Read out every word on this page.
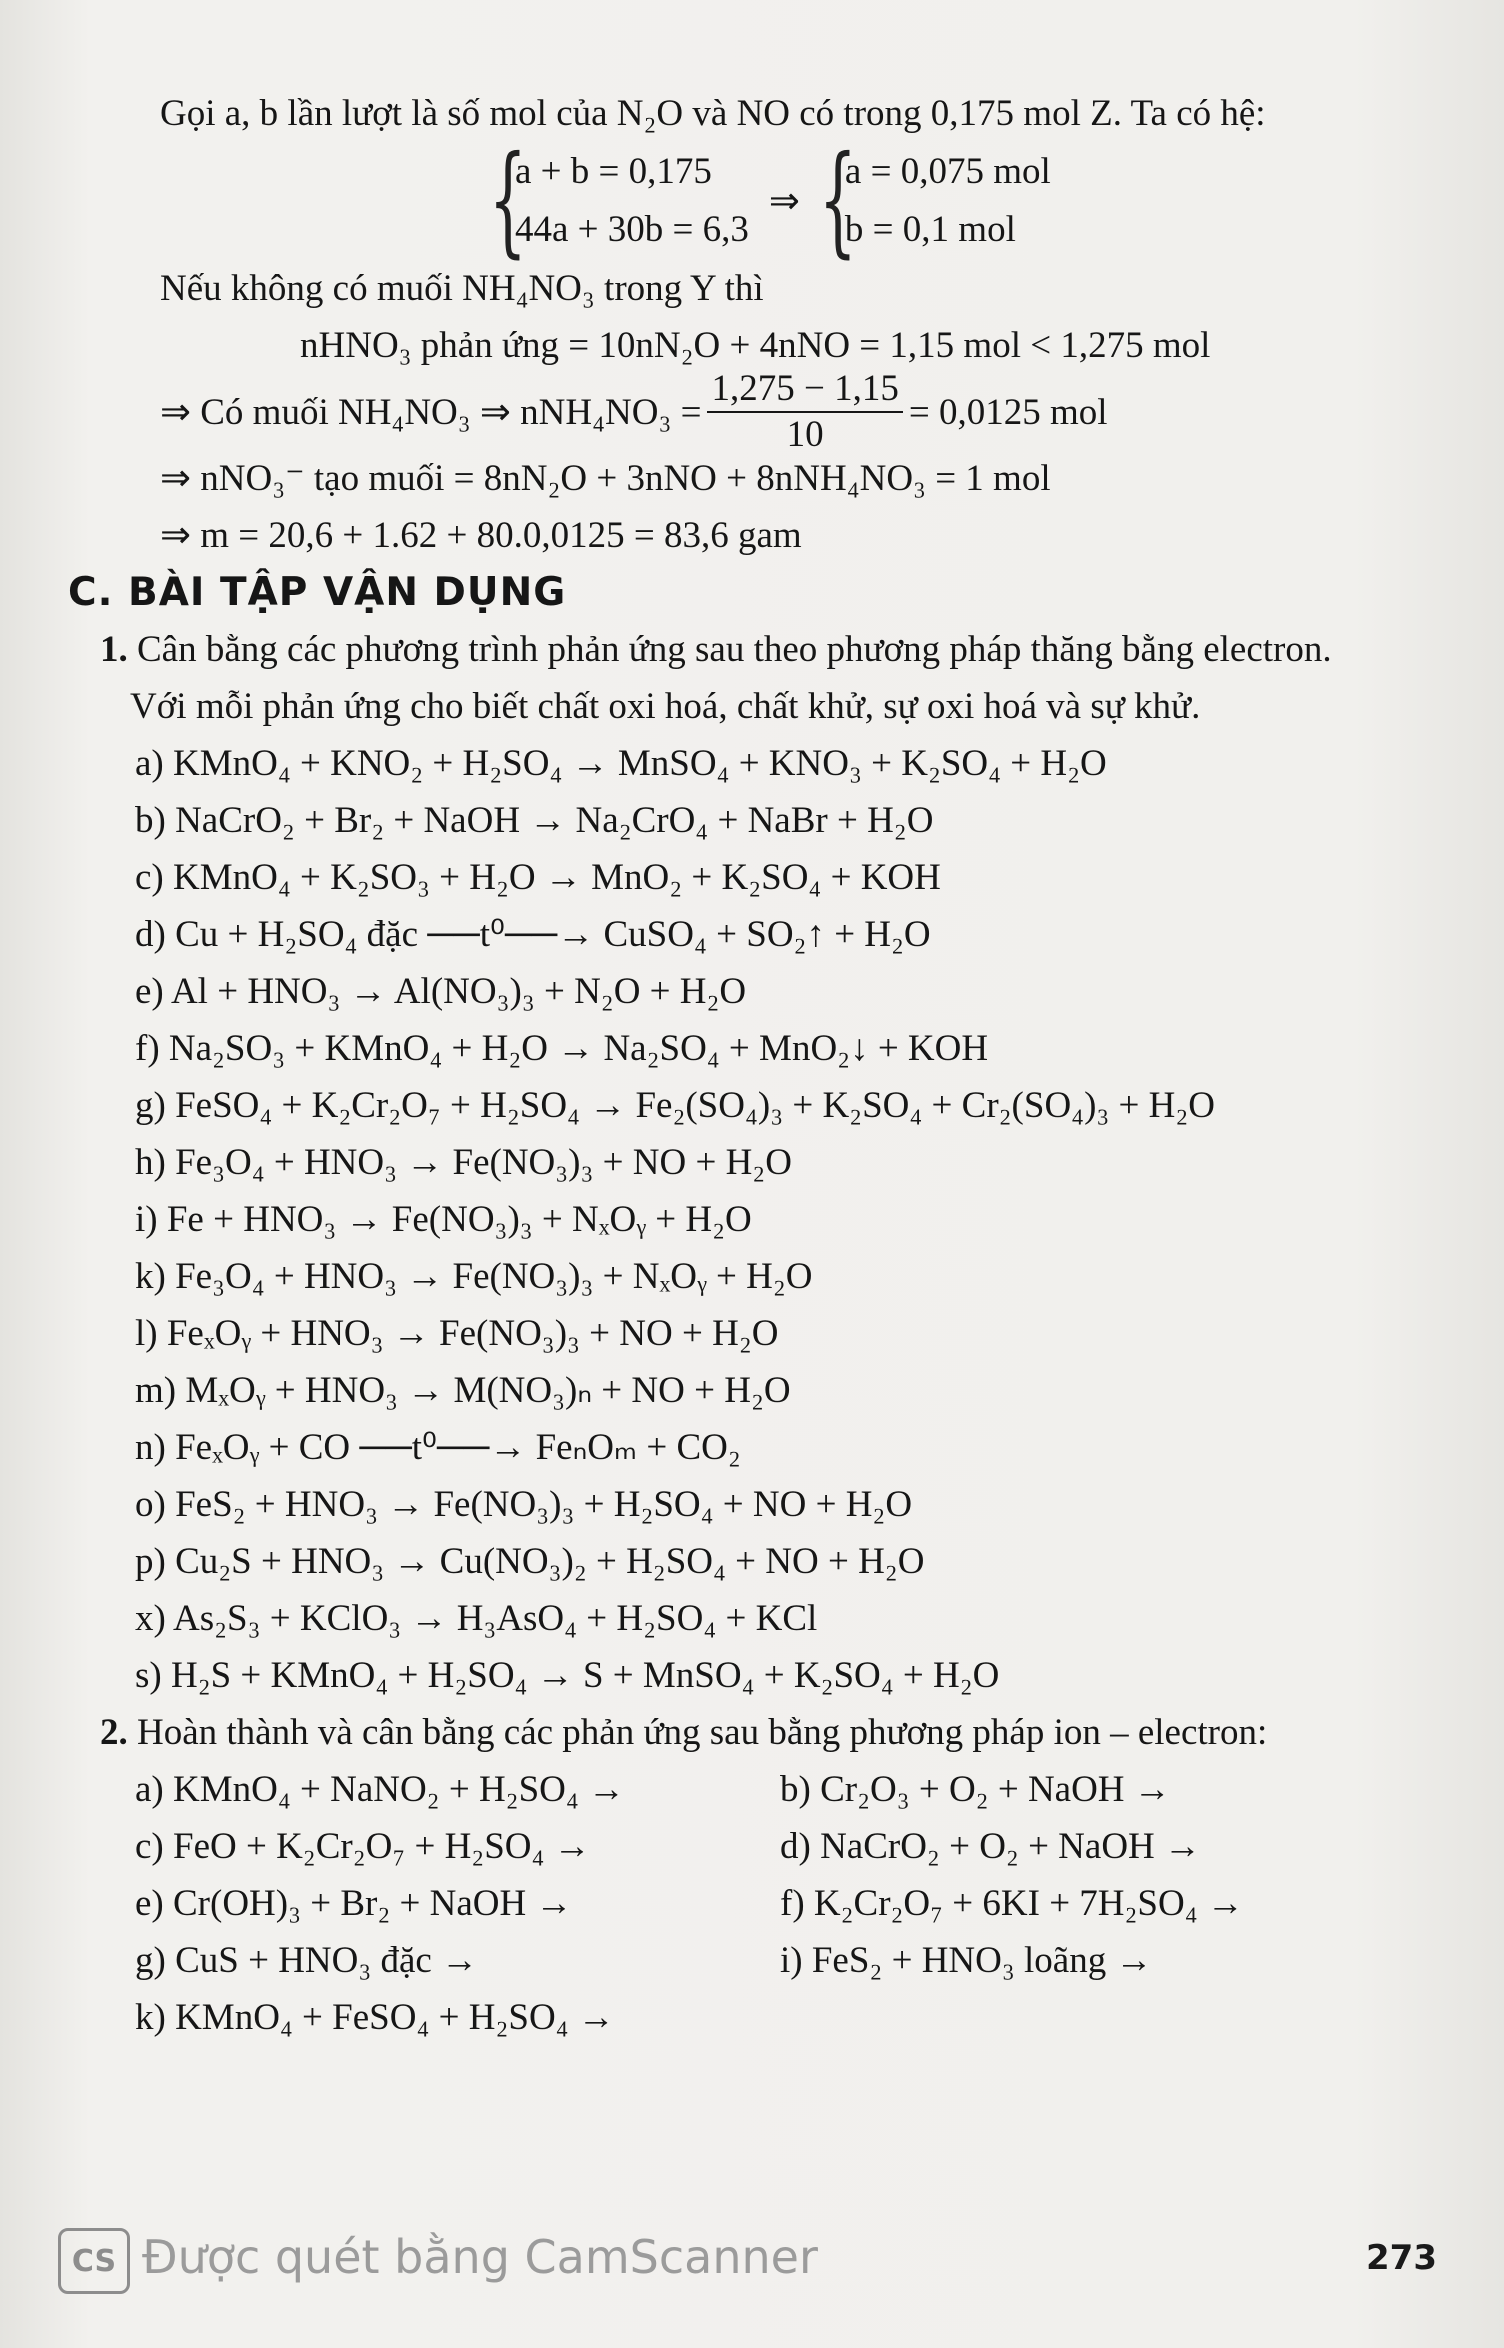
Gọi a, b lần lượt là số mol của N₂O và NO có trong 0,175 mol Z. Ta có hệ:
{
a + b = 0,175
44a + 30b = 6,3
⇒ {
a = 0,075 mol
b = 0,1 mol
Nếu không có muối NH₄NO₃ trong Y thì
nHNO₃ phản ứng = 10nN₂O + 4nNO = 1,15 mol < 1,275 mol
⇒ Có muối NH₄NO₃ ⇒ $nNH_4NO_3 = \frac{1,275 - 1,15}{10} = 0,0125$ mol
⇒ nNO₃⁻ tạo muối = 8nN₂O + 3nNO + 8nNH₄NO₃ = 1 mol
⇒ m = 20,6 + 1.62 + 80.0,0125 = 83,6 gam
C. BÀI TẬP VẬN DỤNG
1. Cân bằng các phương trình phản ứng sau theo phương pháp thăng bằng electron.
Với mỗi phản ứng cho biết chất oxi hoá, chất khử, sự oxi hoá và sự khử.
a) KMnO₄ + KNO₂ + H₂SO₄ → MnSO₄ + KNO₃ + K₂SO₄ + H₂O
b) NaCrO₂ + Br₂ + NaOH → Na₂CrO₄ + NaBr + H₂O
c) KMnO₄ + K₂SO₃ + H₂O → MnO₂ + K₂SO₄ + KOH
d) Cu + H₂SO₄ đặc ──t⁰──→ CuSO₄ + SO₂↑ + H₂O
e) Al + HNO₃ → Al(NO₃)₃ + N₂O + H₂O
f) Na₂SO₃ + KMnO₄ + H₂O → Na₂SO₄ + MnO₂↓ + KOH
g) FeSO₄ + K₂Cr₂O₇ + H₂SO₄ → Fe₂(SO₄)₃ + K₂SO₄ + Cr₂(SO₄)₃ + H₂O
h) Fe₃O₄ + HNO₃ → Fe(NO₃)₃ + NO + H₂O
i) Fe + HNO₃ → Fe(NO₃)₃ + NₓOᵧ + H₂O
k) Fe₃O₄ + HNO₃ → Fe(NO₃)₃ + NₓOᵧ + H₂O
l) FeₓOᵧ + HNO₃ → Fe(NO₃)₃ + NO + H₂O
m) MₓOᵧ + HNO₃ → M(NO₃)ₙ + NO + H₂O
n) FeₓOᵧ + CO ──t⁰──→ FeₙOₘ + CO₂
o) FeS₂ + HNO₃ → Fe(NO₃)₃ + H₂SO₄ + NO + H₂O
p) Cu₂S + HNO₃ → Cu(NO₃)₂ + H₂SO₄ + NO + H₂O
x) As₂S₃ + KClO₃ → H₃AsO₄ + H₂SO₄ + KCl
s) H₂S + KMnO₄ + H₂SO₄ → S + MnSO₄ + K₂SO₄ + H₂O
2. Hoàn thành và cân bằng các phản ứng sau bằng phương pháp ion – electron:
a) KMnO₄ + NaNO₂ + H₂SO₄ →	b) Cr₂O₃ + O₂ + NaOH →
c) FeO + K₂Cr₂O₇ + H₂SO₄ →	d) NaCrO₂ + O₂ + NaOH →
e) Cr(OH)₃ + Br₂ + NaOH →	f) K₂Cr₂O₇ + 6KI + 7H₂SO₄ →
g) CuS + HNO₃ đặc →	i) FeS₂ + HNO₃ loãng →
k) KMnO₄ + FeSO₄ + H₂SO₄ →
CS Được quét bằng CamScanner	273
